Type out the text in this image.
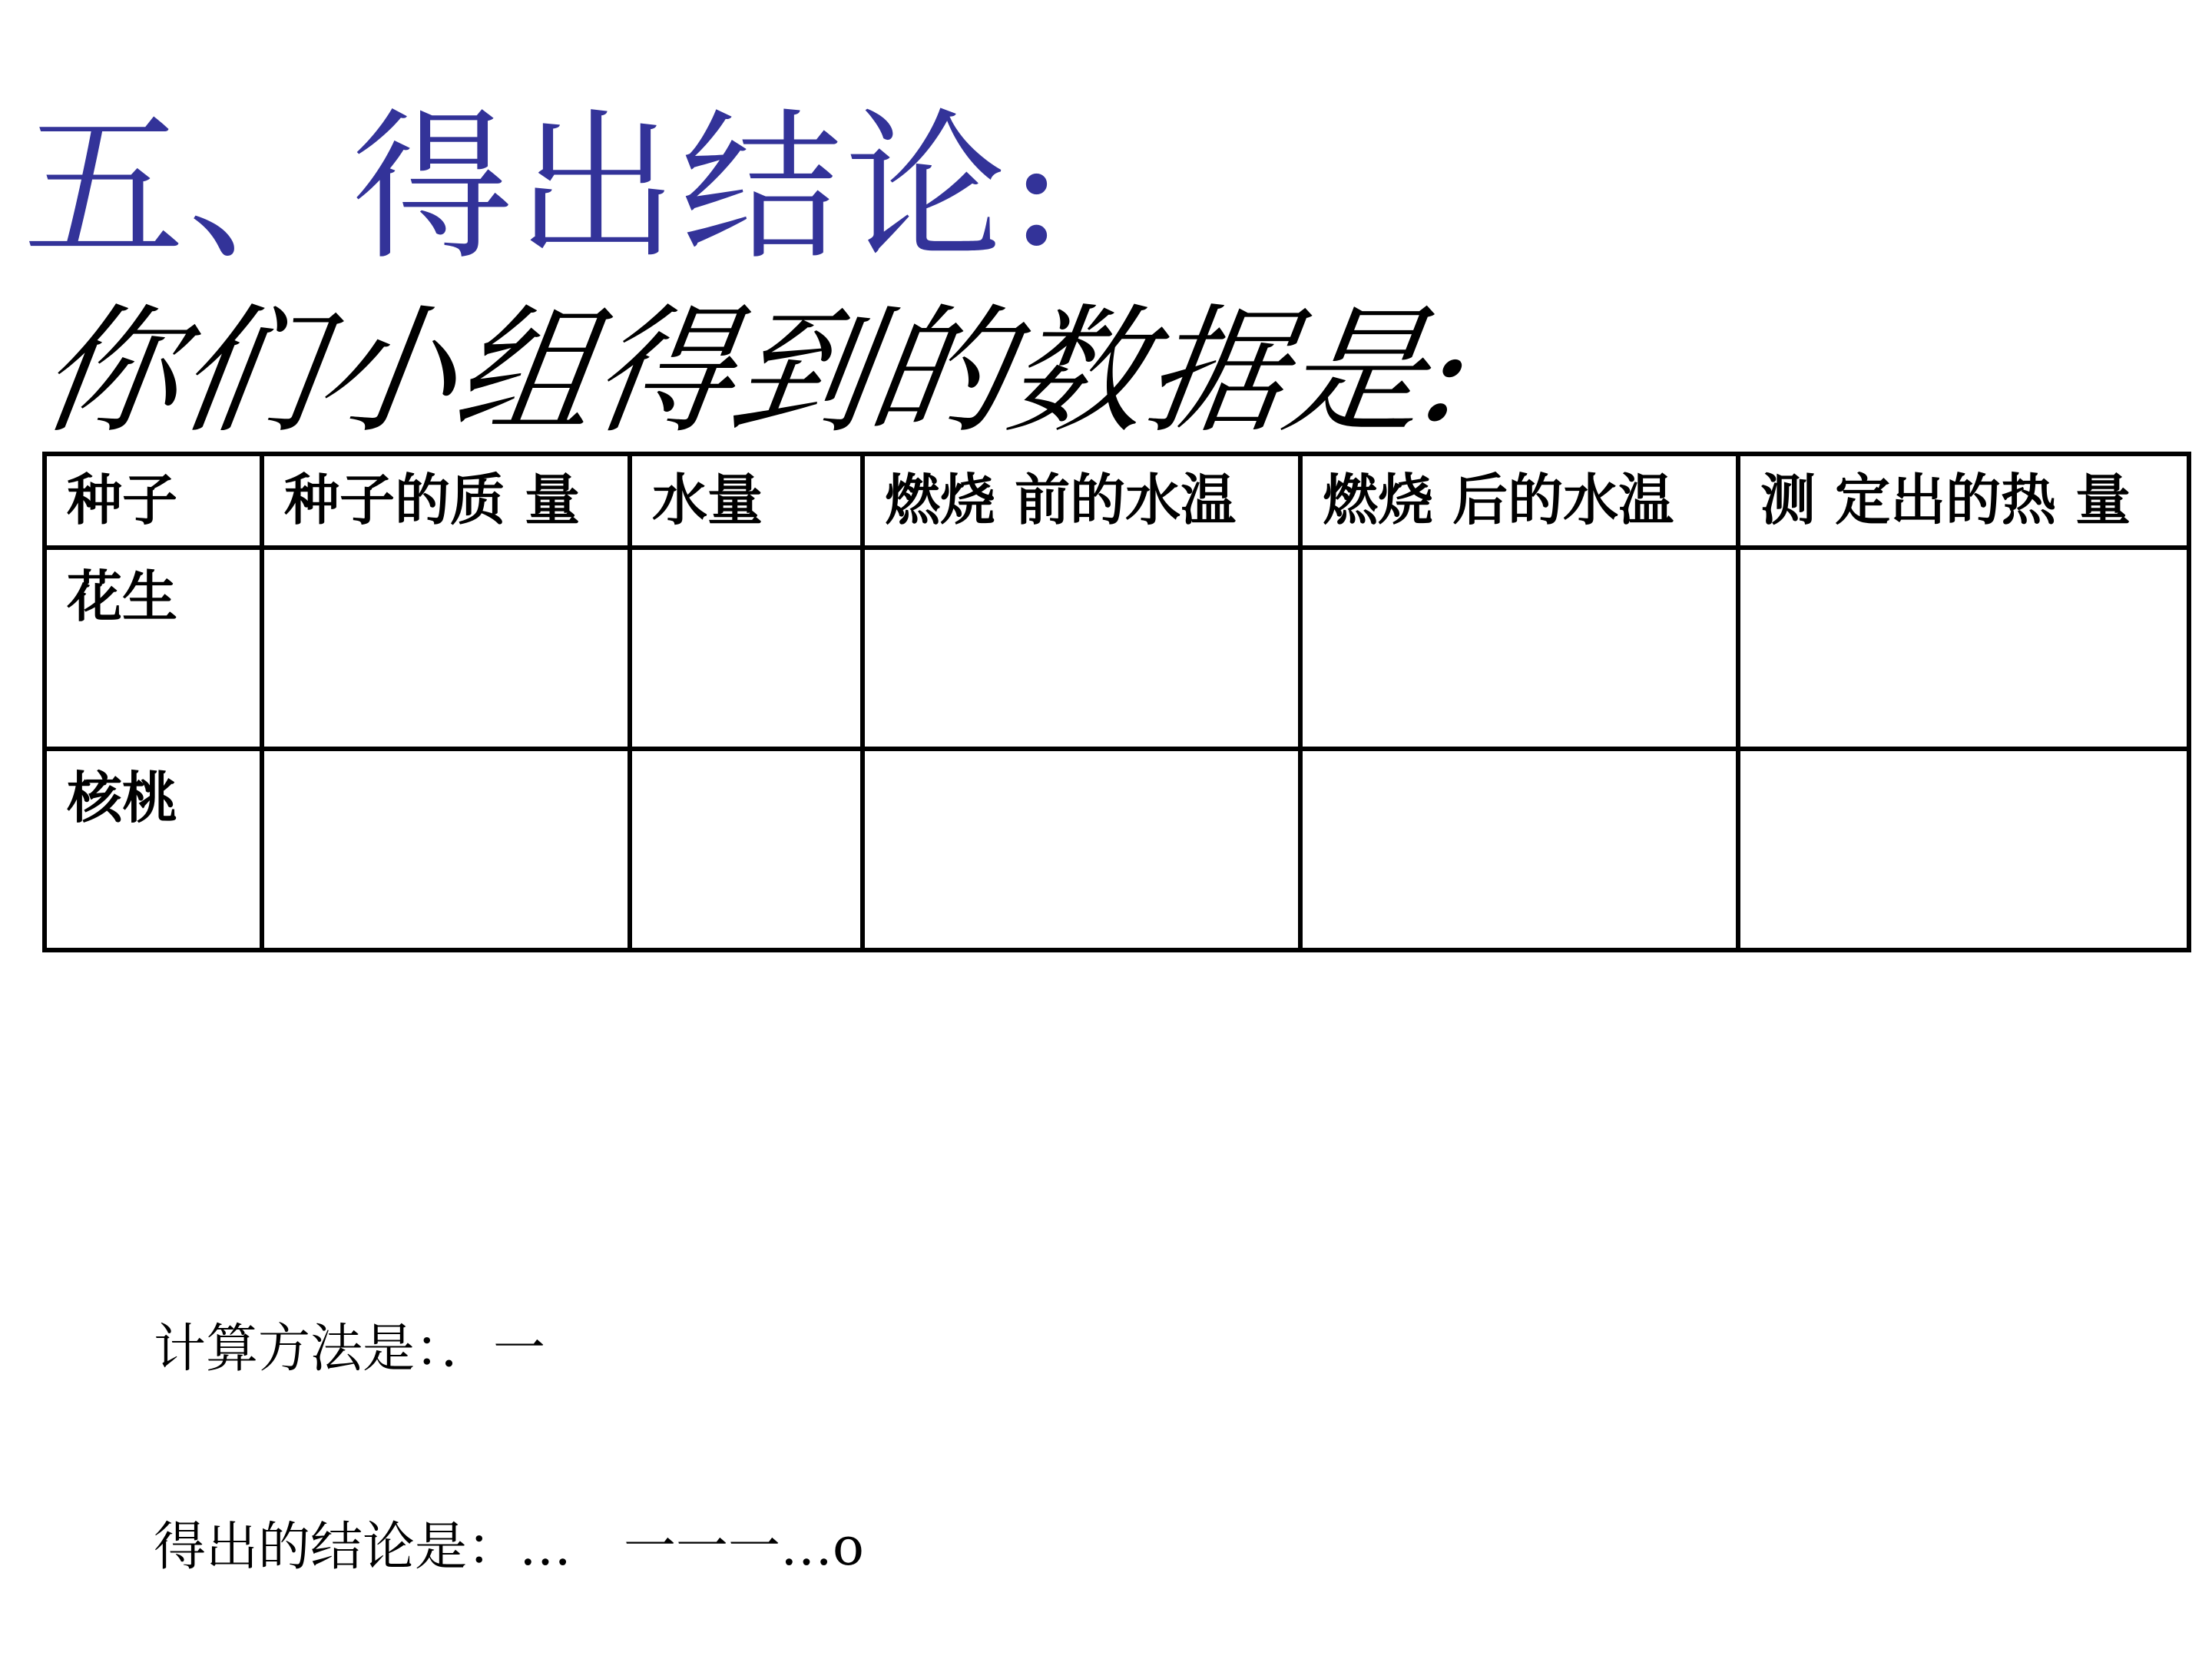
五、得出结论:
你们小组得到的数据是:
种子	种子的质 量	水量	燃烧 前的水温	燃烧 后的水温	测 定出的热 量
花生					
核桃					

计算方法是：．一

得出的结论是：…　一一一…o
